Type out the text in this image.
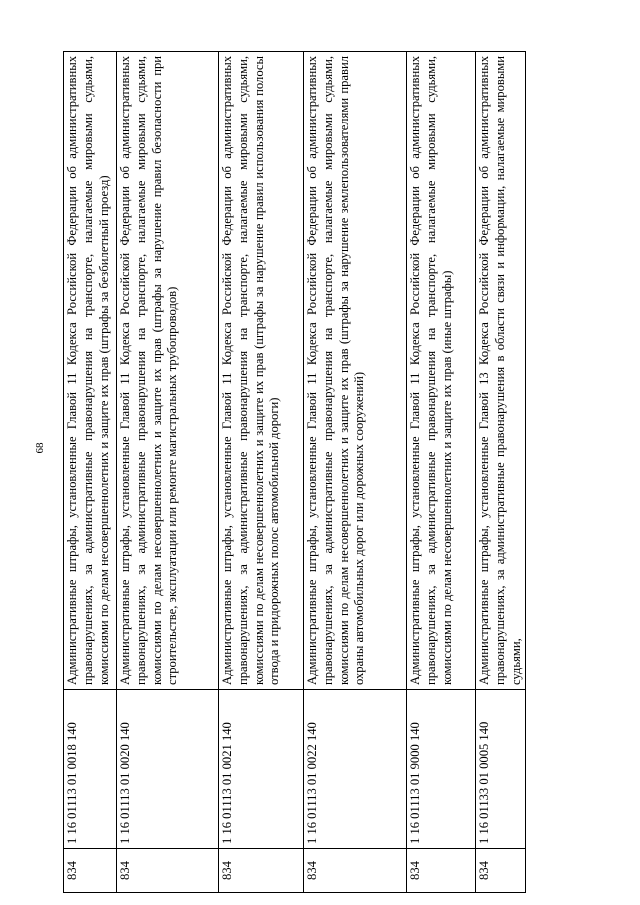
68
834	1 16 01113 01 0018 140	Административные штрафы, установленные Главой 11 Кодекса Российской Федерации об административных правонарушениях, за административные правонарушения на транспорте, налагаемые мировыми судьями, комиссиями по делам несовершеннолетних и защите их прав (штрафы за безбилетный проезд)
834	1 16 01113 01 0020 140	Административные штрафы, установленные Главой 11 Кодекса Российской Федерации об административных правонарушениях, за административные правонарушения на транспорте, налагаемые мировыми судьями, комиссиями по делам несовершеннолетних и защите их прав (штрафы за нарушение правил безопасности при строительстве, эксплуатации или ремонте магистральных трубопроводов)
834	1 16 01113 01 0021 140	Административные штрафы, установленные Главой 11 Кодекса Российской Федерации об административных правонарушениях, за административные правонарушения на транспорте, налагаемые мировыми судьями, комиссиями по делам несовершеннолетних и защите их прав (штрафы за нарушение правил использования полосы отвода и придорожных полос автомобильной дороги)
834	1 16 01113 01 0022 140	Административные штрафы, установленные Главой 11 Кодекса Российской Федерации об административных правонарушениях, за административные правонарушения на транспорте, налагаемые мировыми судьями, комиссиями по делам несовершеннолетних и защите их прав (штрафы за нарушение землепользователями правил охраны автомобильных дорог или дорожных сооружений)
834	1 16 01113 01 9000 140	Административные штрафы, установленные Главой 11 Кодекса Российской Федерации об административных правонарушениях, за административные правонарушения на транспорте, налагаемые мировыми судьями, комиссиями по делам несовершеннолетних и защите их прав (иные штрафы)
834	1 16 01133 01 0005 140	Административные штрафы, установленные Главой 13 Кодекса Российской Федерации об административных правонарушениях, за административные правонарушения в области связи и информации, налагаемые мировыми судьями,
